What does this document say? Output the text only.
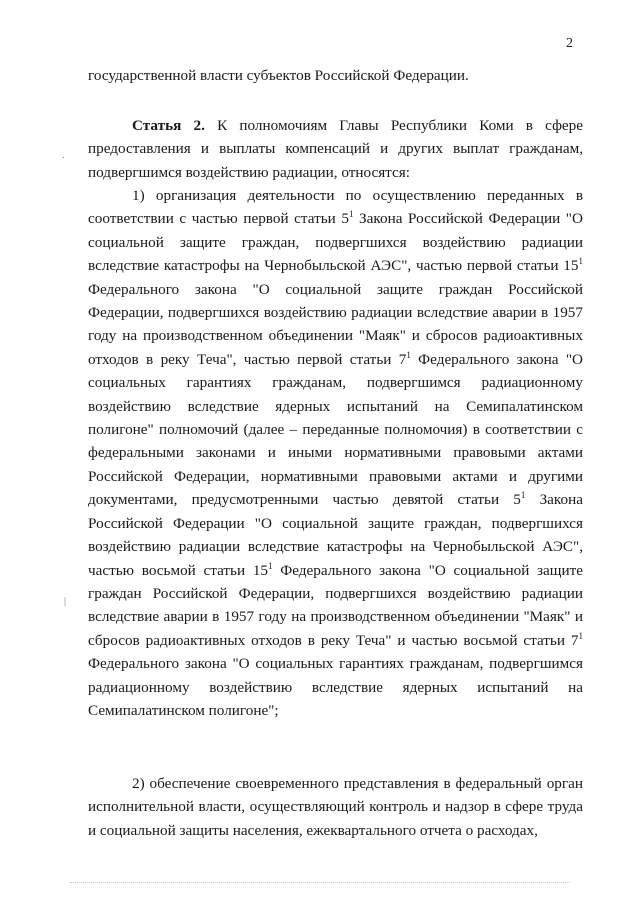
2
государственной власти субъектов Российской Федерации.
Статья 2. К полномочиям Главы Республики Коми в сфере предоставления и выплаты компенсаций и других выплат гражданам, подвергшимся воздействию радиации, относятся:
1) организация деятельности по осуществлению переданных в соответствии с частью первой статьи $5^1$ Закона Российской Федерации "О социальной защите граждан, подвергшихся воздействию радиации вследствие катастрофы на Чернобыльской АЭС", частью первой статьи $15^1$ Федерального закона "О социальной защите граждан Российской Федерации, подвергшихся воздействию радиации вследствие аварии в 1957 году на производственном объединении "Маяк" и сбросов радиоактивных отходов в реку Теча", частью первой статьи $7^1$ Федерального закона "О социальных гарантиях гражданам, подвергшимся радиационному воздействию вследствие ядерных испытаний на Семипалатинском полигоне" полномочий (далее – переданные полномочия) в соответствии с федеральными законами и иными нормативными правовыми актами Российской Федерации, нормативными правовыми актами и другими документами, предусмотренными частью девятой статьи $5^1$ Закона Российской Федерации "О социальной защите граждан, подвергшихся воздействию радиации вследствие катастрофы на Чернобыльской АЭС", частью восьмой статьи $15^1$ Федерального закона "О социальной защите граждан Российской Федерации, подвергшихся воздействию радиации вследствие аварии в 1957 году на производственном объединении "Маяк" и сбросов радиоактивных отходов в реку Теча" и частью восьмой статьи $7^1$ Федерального закона "О социальных гарантиях гражданам, подвергшимся радиационному воздействию вследствие ядерных испытаний на Семипалатинском полигоне";
2) обеспечение своевременного представления в федеральный орган исполнительной власти, осуществляющий контроль и надзор в сфере труда и социальной защиты населения, ежеквартального отчета о расходах,
.
|
